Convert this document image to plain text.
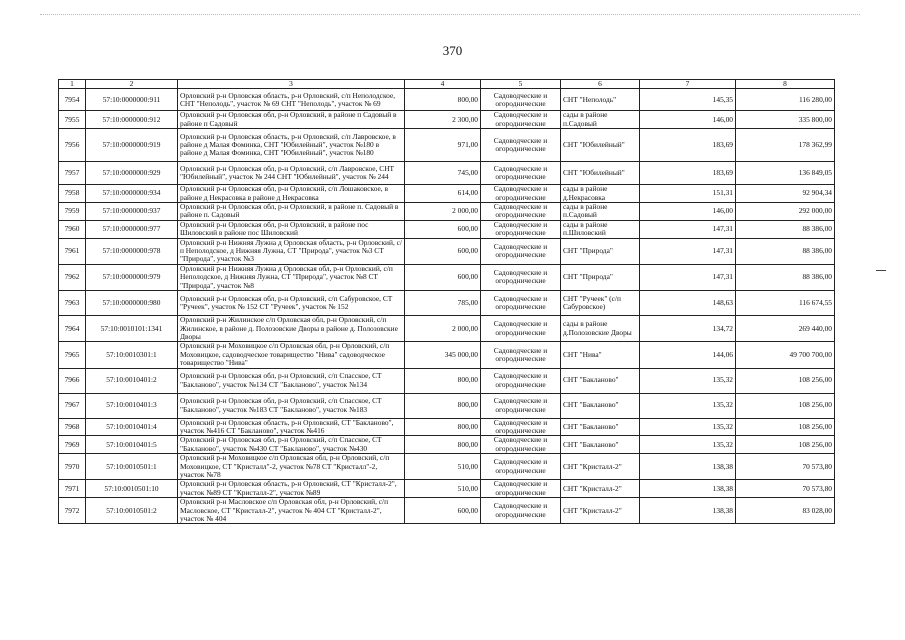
370
1	2	3	4	5	6	7	8
7954	57:10:0000000:911	Орловский р-н Орловская область, р-н Орловский, с/п Неполодское, СНТ "Неполодь", участок № 69 СНТ "Неполодь", участок № 69	800,00	Садоводческие и огороднические	СНТ "Неполодь"	145,35	116 280,00
7955	57:10:0000000:912	Орловский р-н Орловская обл, р-н Орловский, в районе п Садовый в районе п Садовый	2 300,00	Садоводческие и огороднические	сады в районе п.Садовый	146,00	335 800,00
7956	57:10:0000000:919	Орловский р-н Орловская область, р-н Орловский, с/п Лавровское, в районе д Малая Фоминка, СНТ "Юбилейный", участок №180 в районе д Малая Фоминка, СНТ "Юбилейный", участок №180	971,00	Садоводческие и огороднические	СНТ "Юбилейный"	183,69	178 362,99
7957	57:10:0000000:929	Орловский р-н Орловская обл, р-н Орловский, с/п Лавровское, СНТ "Юбилейный", участок № 244 СНТ "Юбилейный", участок № 244	745,00	Садоводческие и огороднические	СНТ "Юбилейный"	183,69	136 849,05
7958	57:10:0000000:934	Орловский р-н Орловская обл, р-н Орловский, с/п Лошаковское, в районе д Некрасовка в районе д Некрасовка	614,00	Садоводческие и огороднические	сады в районе д.Некрасовка	151,31	92 904,34
7959	57:10:0000000:937	Орловский р-н Орловская обл, р-н Орловский, в районе п. Садовый в районе п. Садовый	2 000,00	Садоводческие и огороднические	сады в районе п.Садовый	146,00	292 000,00
7960	57:10:0000000:977	Орловский р-н Орловская обл, р-н Орловский, в районе пос Шиловский в районе пос Шиловский	600,00	Садоводческие и огороднические	сады в районе п.Шиловский	147,31	88 386,00
7961	57:10:0000000:978	Орловский р-н Нижняя Лужна д Орловская область, р-н Орловский, с/п Неполодское, д Нижняя Лужна, СТ "Природа", участок №3 СТ "Природа", участок №3	600,00	Садоводческие и огороднические	СНТ "Природа"	147,31	88 386,00
7962	57:10:0000000:979	Орловский р-н Нижняя Лужна д Орловская обл, р-н Орловский, с/п Неполодское, д Нижняя Лужна, СТ "Природа", участок №8 СТ "Природа", участок №8	600,00	Садоводческие и огороднические	СНТ "Природа"	147,31	88 386,00
7963	57:10:0000000:980	Орловский р-н Орловская обл, р-н Орловский, с/п Сабуровское, СТ "Ручеек", участок № 152 СТ "Ручеек", участок № 152	785,00	Садоводческие и огороднические	СНТ "Ручеек" (с/п Сабуровское)	148,63	116 674,55
7964	57:10:0010101:1341	Орловский р-н Жилинское с/п Орловская обл, р-н Орловский, с/п Жилинское, в районе д. Полозовские Дворы в районе д. Полозовские Дворы	2 000,00	Садоводческие и огороднические	сады в районе д.Полозовские Дворы	134,72	269 440,00
7965	57:10:0010301:1	Орловский р-н Моховицкое с/п Орловская обл, р-н Орловский, с/п Моховицкое, садоводческое товарищество "Нива" садоводческое товарищество "Нива"	345 000,00	Садоводческие и огороднические	СНТ "Нива"	144,06	49 700 700,00
7966	57:10:0010401:2	Орловский р-н Орловская обл, р-н Орловский, с/п Спасское, СТ "Бакланово", участок №134 СТ "Бакланово", участок №134	800,00	Садоводческие и огороднические	СНТ "Бакланово"	135,32	108 256,00
7967	57:10:0010401:3	Орловский р-н Орловская обл, р-н Орловский, с/п Спасское, СТ "Бакланово", участок №183 СТ "Бакланово", участок №183	800,00	Садоводческие и огороднические	СНТ "Бакланово"	135,32	108 256,00
7968	57:10:0010401:4	Орловский р-н Орловская область, р-н Орловский, СТ "Бакланово", участок №416 СТ "Бакланово", участок №416	800,00	Садоводческие и огороднические	СНТ "Бакланово"	135,32	108 256,00
7969	57:10:0010401:5	Орловский р-н Орловская обл, р-н Орловский, с/п Спасское, СТ "Бакланово", участок №430 СТ "Бакланово", участок №430	800,00	Садоводческие и огороднические	СНТ "Бакланово"	135,32	108 256,00
7970	57:10:0010501:1	Орловский р-н Моховицкое с/п Орловская обл, р-н Орловский, с/п Моховицкое, СТ "Кристалл"-2, участок №78 СТ "Кристалл"-2, участок №78	510,00	Садоводческие и огороднические	СНТ "Кристалл-2"	138,38	70 573,80
7971	57:10:0010501:10	Орловский р-н Орловская область, р-н Орловский, СТ "Кристалл-2", участок №89 СТ "Кристалл-2", участок №89	510,00	Садоводческие и огороднические	СНТ "Кристалл-2"	138,38	70 573,80
7972	57:10:0010501:2	Орловский р-н Масловское с/п Орловская обл, р-н Орловский, с/п Масловское, СТ "Кристалл-2", участок № 404 СТ "Кристалл-2", участок № 404	600,00	Садоводческие и огороднические	СНТ "Кристалл-2"	138,38	83 028,00
